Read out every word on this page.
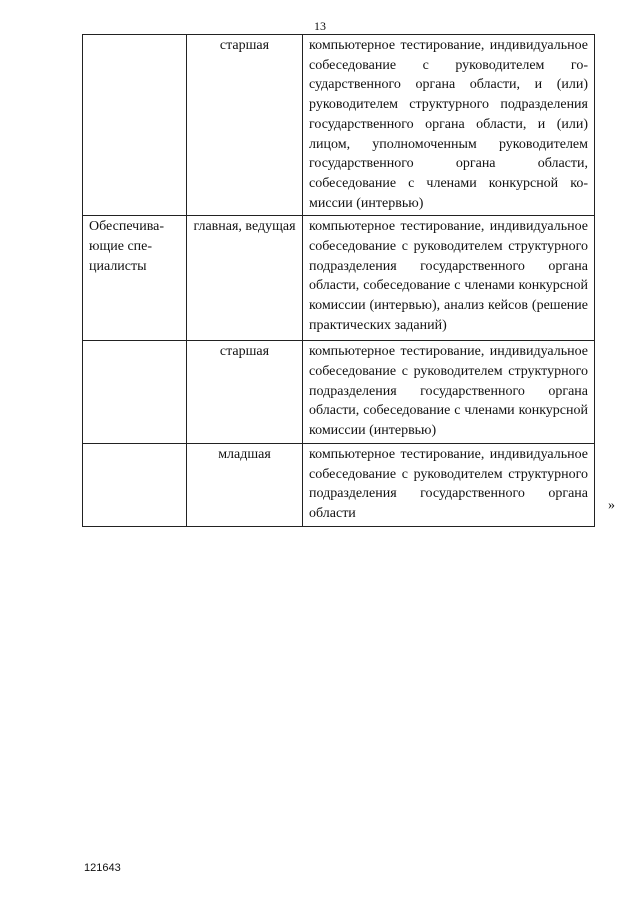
13
	старшая	компьютерное тестирование, индивидуальное собеседование с руководителем государственного органа области, и (или) руководителем структурного подразделения государственного органа области, и (или) лицом, уполномоченным руководителем государственного органа области, собеседование с членами конкурсной комиссии (интервью)
Обеспечивающие специалисты	главная, ведущая	компьютерное тестирование, индивидуальное собеседование с руководителем структурного подразделения государственного органа области, собеседование с членами конкурсной комиссии (интервью), анализ кейсов (решение практических заданий)
	старшая	компьютерное тестирование, индивидуальное собеседование с руководителем структурного подразделения государственного органа области, собеседование с членами конкурсной комиссии (интервью)
	младшая	компьютерное тестирование, индивидуальное собеседование с руководителем структурного подразделения государственного органа области
»
121643
